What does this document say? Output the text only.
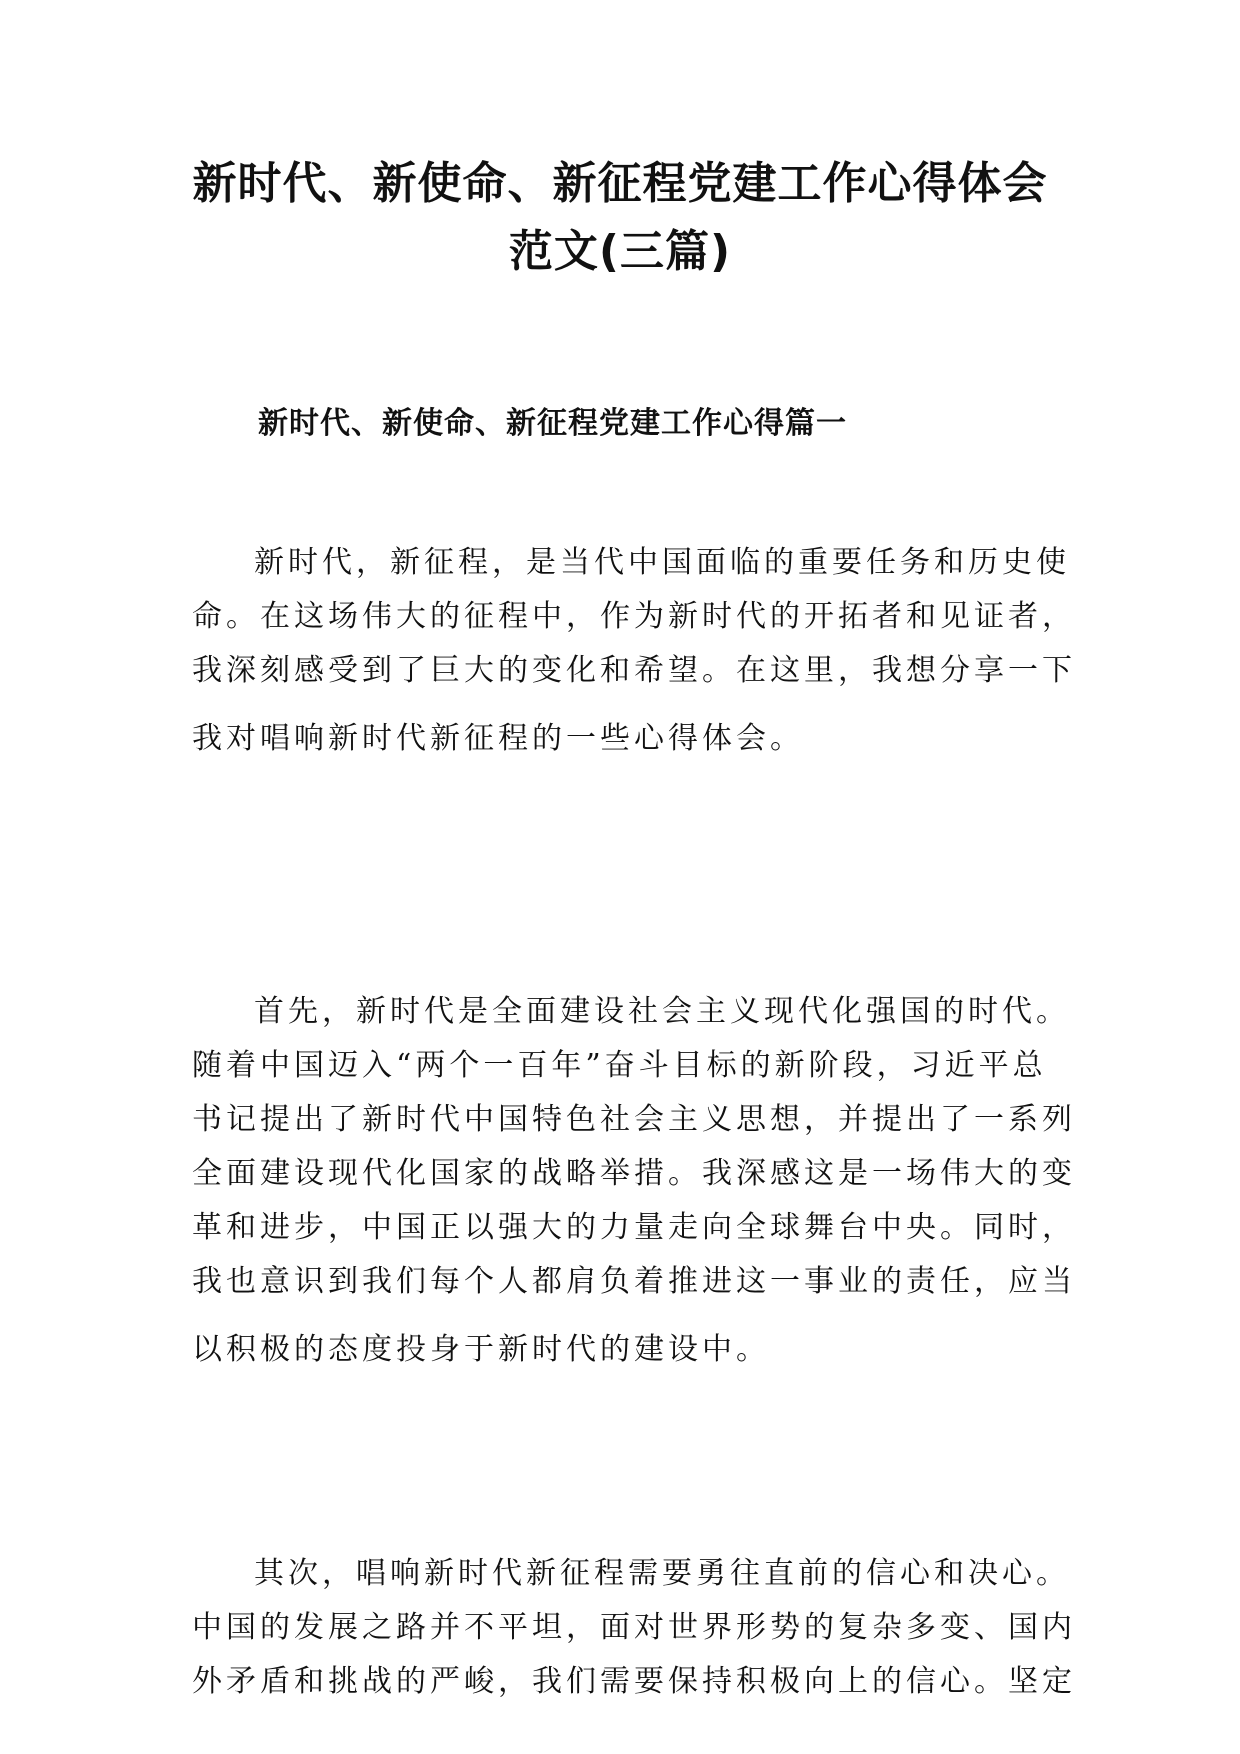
新时代、新使命、新征程党建工作心得体会
范文(三篇)
新时代、新使命、新征程党建工作心得篇一
新时代，新征程，是当代中国面临的重要任务和历史使
命。在这场伟大的征程中，作为新时代的开拓者和见证者，
我深刻感受到了巨大的变化和希望。在这里，我想分享一下
我对唱响新时代新征程的一些心得体会。
首先，新时代是全面建设社会主义现代化强国的时代。
随着中国迈入“两个一百年”奋斗目标的新阶段，习近平总
书记提出了新时代中国特色社会主义思想，并提出了一系列
全面建设现代化国家的战略举措。我深感这是一场伟大的变
革和进步，中国正以强大的力量走向全球舞台中央。同时，
我也意识到我们每个人都肩负着推进这一事业的责任，应当
以积极的态度投身于新时代的建设中。
其次，唱响新时代新征程需要勇往直前的信心和决心。
中国的发展之路并不平坦，面对世界形势的复杂多变、国内
外矛盾和挑战的严峻，我们需要保持积极向上的信心。坚定
